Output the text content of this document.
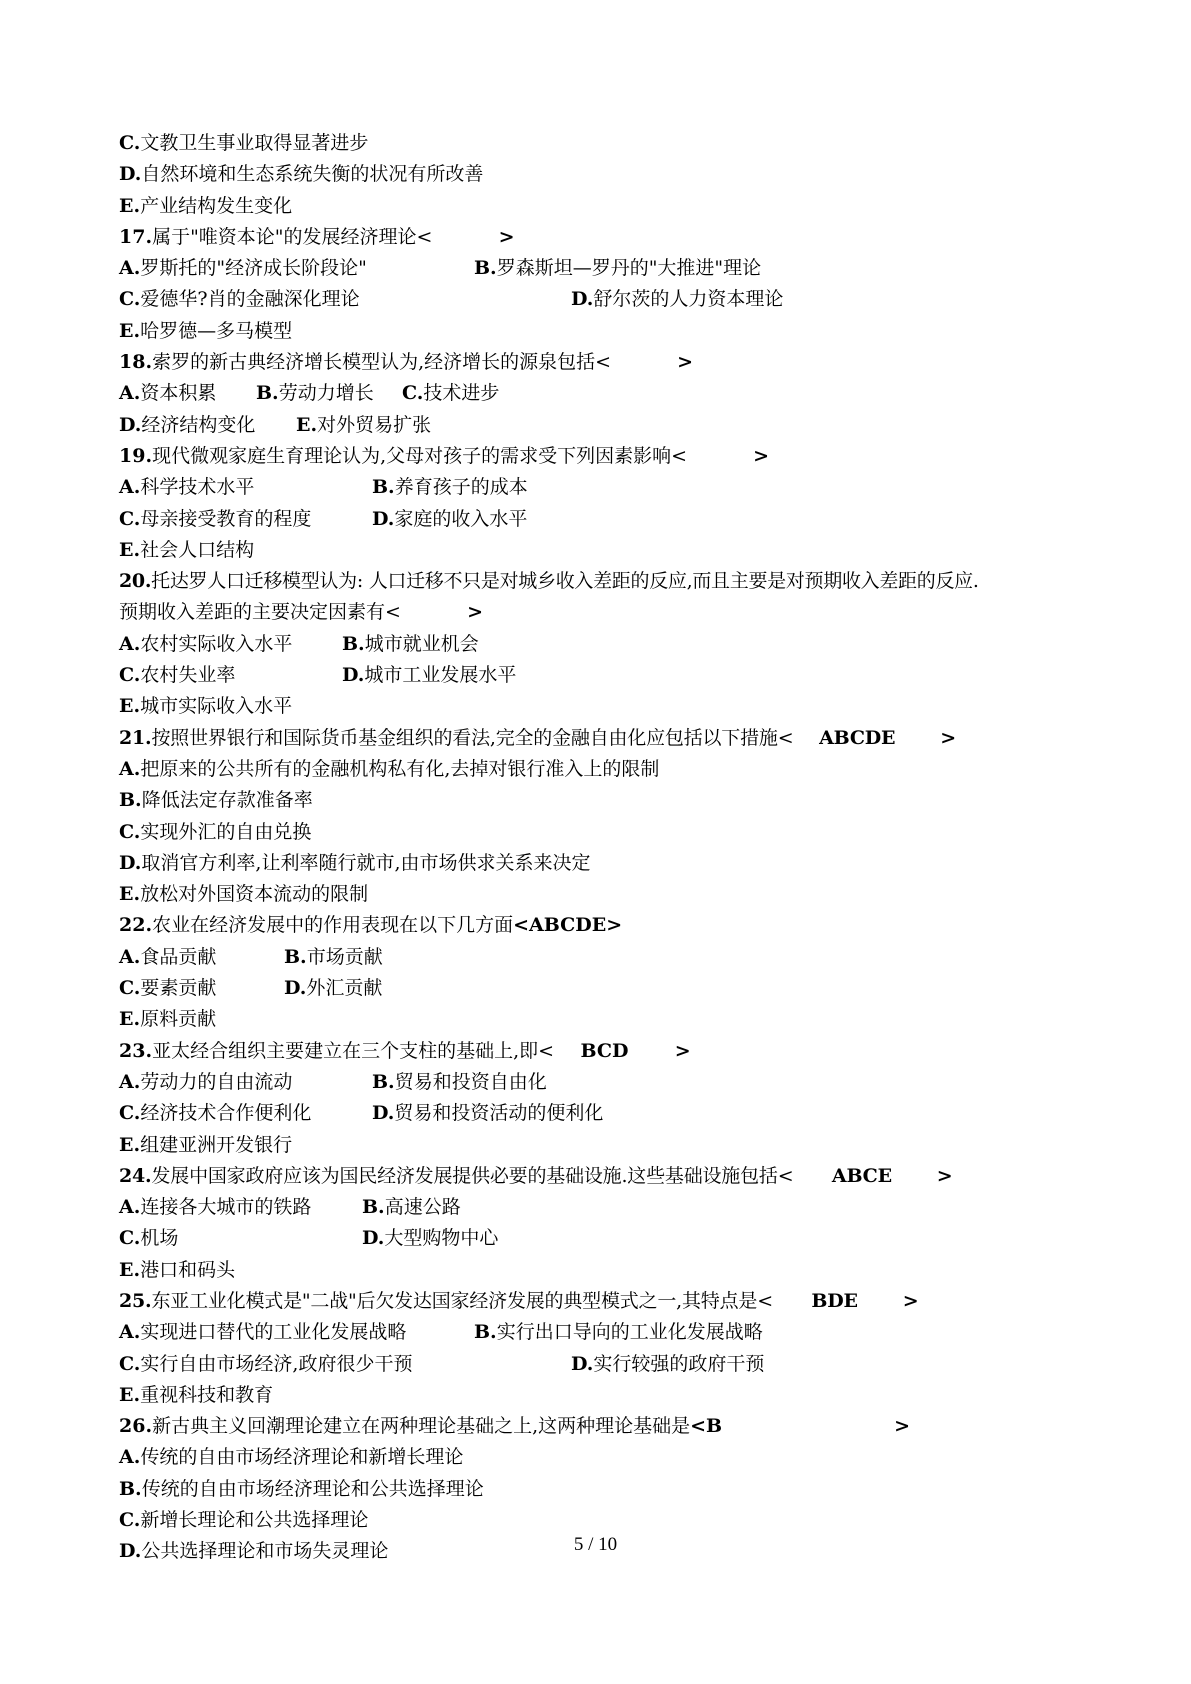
C.文教卫生事业取得显著进步
D.自然环境和生态系统失衡的状况有所改善
E.产业结构发生变化
17.属于"唯资本论"的发展经济理论<          >
A.罗斯托的"经济成长阶段论"	B.罗森斯坦—罗丹的"大推进"理论
C.爱德华?肖的金融深化理论	D.舒尔茨的人力资本理论
E.哈罗德—多马模型
18.索罗的新古典经济增长模型认为,经济增长的源泉包括<          >
A.资本积累 B.劳动力增长 C.技术进步
D.经济结构变化 E.对外贸易扩张
19.现代微观家庭生育理论认为,父母对孩子的需求受下列因素影响<          >
A.科学技术水平	B.养育孩子的成本
C.母亲接受教育的程度	D.家庭的收入水平
E.社会人口结构
20.托达罗人口迁移模型认为: 人口迁移不只是对城乡收入差距的反应,而且主要是对预期收入差距的反应.
预期收入差距的主要决定因素有<          >
A.农村实际收入水平	B.城市就业机会
C.农村失业率	D.城市工业发展水平
E.城市实际收入水平
21.按照世界银行和国际货币基金组织的看法,完全的金融自由化应包括以下措施<    ABCDE       >
A.把原来的公共所有的金融机构私有化,去掉对银行准入上的限制
B.降低法定存款准备率
C.实现外汇的自由兑换
D.取消官方利率,让利率随行就市,由市场供求关系来决定
E.放松对外国资本流动的限制
22.农业在经济发展中的作用表现在以下几方面<ABCDE>
A.食品贡献	B.市场贡献
C.要素贡献	D.外汇贡献
E.原料贡献
23.亚太经合组织主要建立在三个支柱的基础上,即<    BCD       >
A.劳动力的自由流动	B.贸易和投资自由化
C.经济技术合作便利化	D.贸易和投资活动的便利化
E.组建亚洲开发银行
24.发展中国家政府应该为国民经济发展提供必要的基础设施.这些基础设施包括<      ABCE       >
A.连接各大城市的铁路	B.高速公路
C.机场	D.大型购物中心
E.港口和码头
25.东亚工业化模式是"二战"后欠发达国家经济发展的典型模式之一,其特点是<      BDE       >
A.实现进口替代的工业化发展战略	B.实行出口导向的工业化发展战略
C.实行自由市场经济,政府很少干预	D.实行较强的政府干预
E.重视科技和教育
26.新古典主义回潮理论建立在两种理论基础之上,这两种理论基础是<B                          >
A.传统的自由市场经济理论和新增长理论
B.传统的自由市场经济理论和公共选择理论
C.新增长理论和公共选择理论
D.公共选择理论和市场失灵理论	5 / 10
